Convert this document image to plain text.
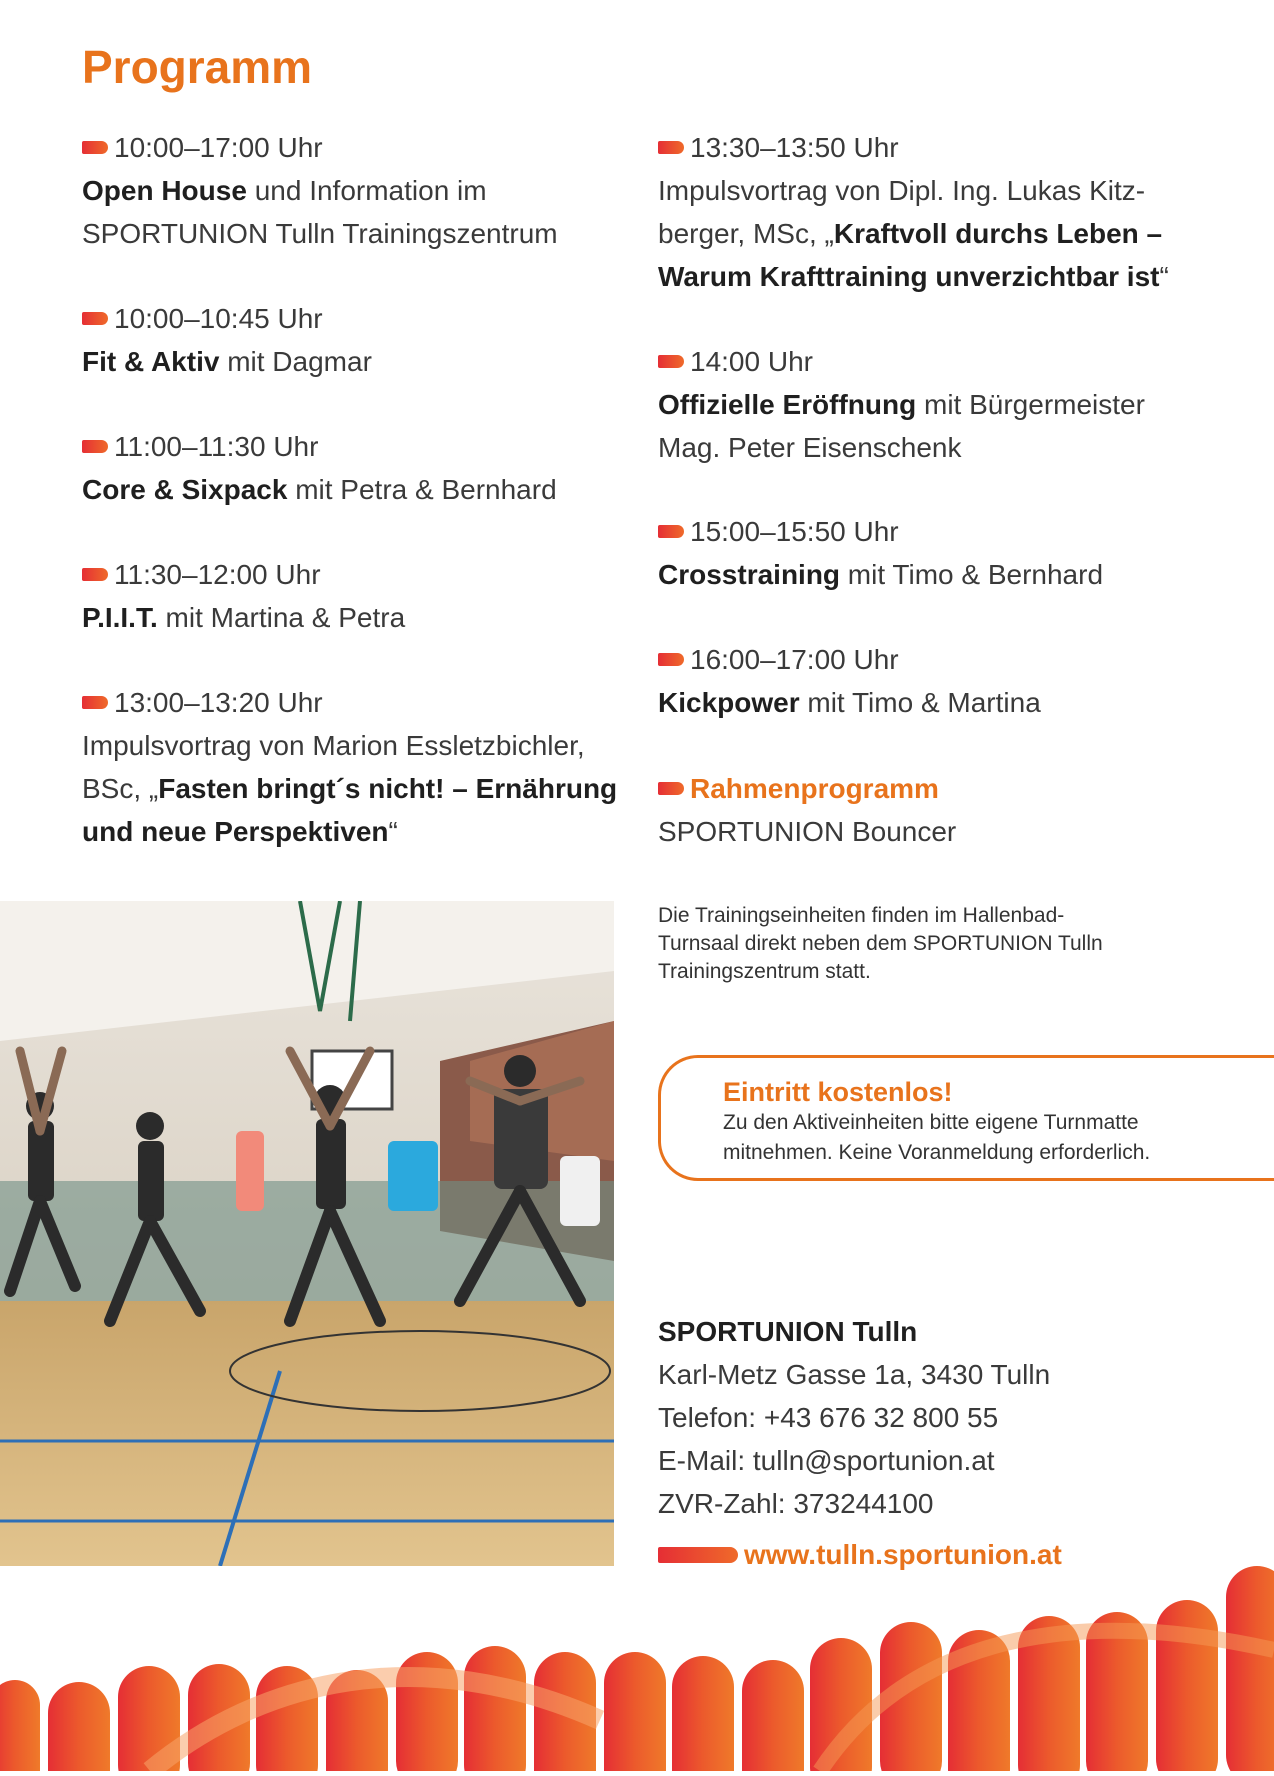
Programm
10:00–17:00 Uhr
Open House und Information im SPORTUNION Tulln Trainingszentrum
10:00–10:45 Uhr
Fit & Aktiv mit Dagmar
11:00–11:30 Uhr
Core & Sixpack mit Petra & Bernhard
11:30–12:00 Uhr
P.I.I.T. mit Martina & Petra
13:00–13:20 Uhr
Impulsvortrag von Marion Essletzbichler, BSc, „Fasten bringt´s nicht! – Ernährung und neue Perspektiven“
13:30–13:50 Uhr
Impulsvortrag von Dipl. Ing. Lukas Kitz-berger, MSc, „Kraftvoll durchs Leben – Warum Krafttraining unverzichtbar ist“
14:00 Uhr
Offizielle Eröffnung mit Bürgermeister Mag. Peter Eisenschenk
15:00–15:50 Uhr
Crosstraining mit Timo & Bernhard
16:00–17:00 Uhr
Kickpower mit Timo & Martina
Rahmenprogramm
SPORTUNION Bouncer
Die Trainingseinheiten finden im Hallenbad-Turnsaal direkt neben dem SPORTUNION Tulln Trainingszentrum statt.
Eintritt kostenlos!
Zu den Aktiveinheiten bitte eigene Turnmatte mitnehmen. Keine Voranmeldung erforderlich.
SPORTUNION Tulln
Karl-Metz Gasse 1a, 3430 Tulln
Telefon: +43 676 32 800 55
E-Mail: tulln@sportunion.at
ZVR-Zahl: 373244100
www.tulln.sportunion.at
